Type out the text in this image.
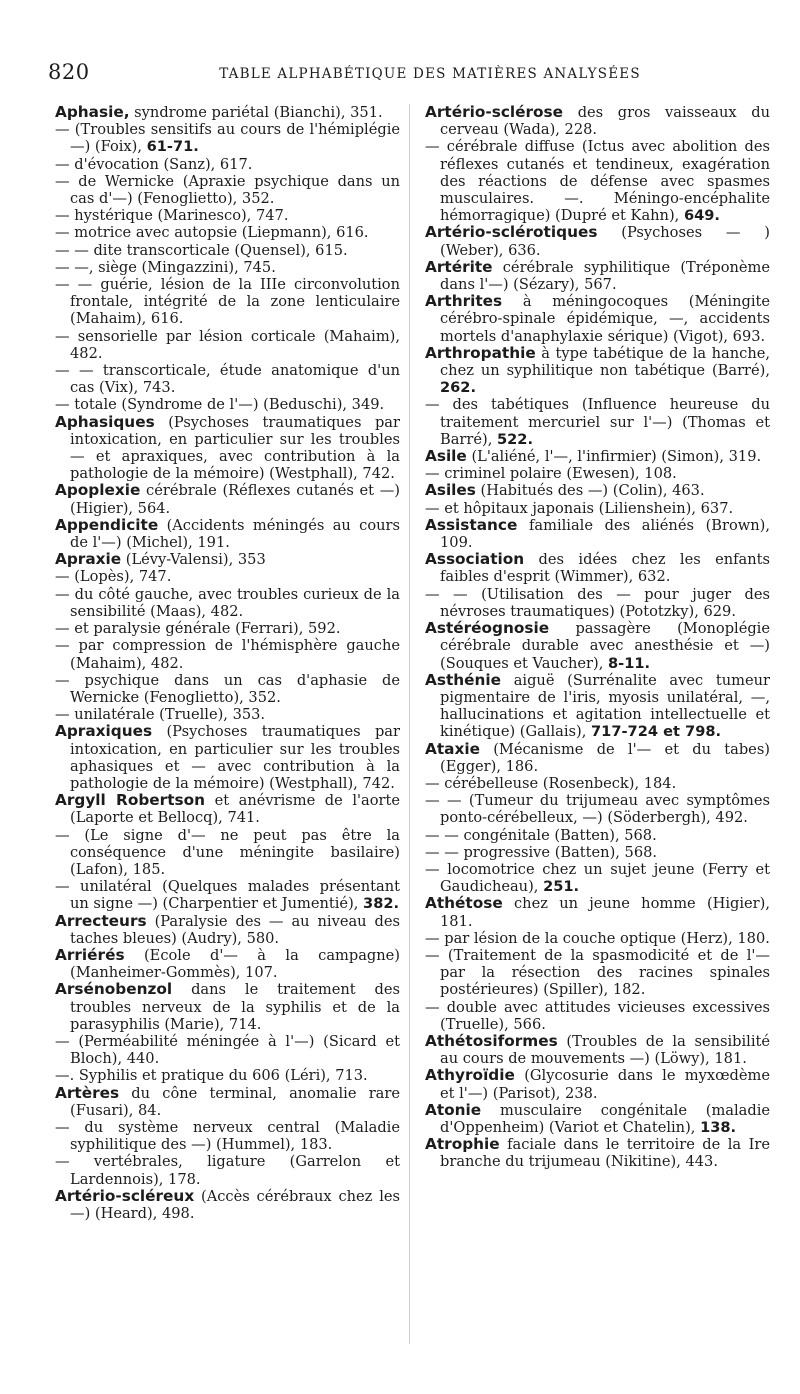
820	TABLE ALPHABÉTIQUE DES MATIÈRES ANALYSÉES

Aphasie, syndrome pariétal (Bianchi), 351.

— (Troubles sensitifs au cours de l'hémiplégie—) (Foix), 61-71.

— d'évocation (Sanz), 617.

— de Wernicke (Apraxie psychique dans un cas d'—) (Fenoglietto), 352.

— hystérique (Marinesco), 747.

— motrice avec autopsie (Liepmann), 616.

— — dite transcorticale (Quensel), 615.

— —, siège (Mingazzini), 745.

— — guérie, lésion de la IIIe circonvolution frontale, intégrité de la zone lenticulaire (Mahaim), 616.

— sensorielle par lésion corticale (Mahaim), 482.

— — transcorticale, étude anatomique d'un cas (Vix), 743.

— totale (Syndrome de l'—) (Beduschi), 349.

Aphasiques (Psychoses traumatiques par intoxication, en particulier sur les troubles — et apraxiques, avec contribution à la pathologie de la mémoire) (Westphall), 742.

Apoplexie cérébrale (Réflexes cutanés et —) (Higier), 564.

Appendicite (Accidents méningés au cours de l'—) (Michel), 191.

Apraxie (Lévy-Valensi), 353

— (Lopès), 747.

— du côté gauche, avec troubles curieux de la sensibilité (Maas), 482.

— et paralysie générale (Ferrari), 592.

— par compression de l'hémisphère gauche (Mahaim), 482.

— psychique dans un cas d'aphasie de Wernicke (Fenoglietto), 352.

— unilatérale (Truelle), 353.

Apraxiques (Psychoses traumatiques par intoxication, en particulier sur les troubles aphasiques et — avec contribution à la pathologie de la mémoire) (Westphall), 742.

Argyll Robertson et anévrisme de l'aorte (Laporte et Bellocq), 741.

— (Le signe d'— ne peut pas être la conséquence d'une méningite basilaire) (Lafon), 185.

— unilatéral (Quelques malades présentant un signe —) (Charpentier et Jumentié), 382.

Arrecteurs (Paralysie des — au niveau des taches bleues) (Audry), 580.

Arriérés (Ecole d'— à la campagne) (Manheimer-Gommès), 107.

Arsénobenzol dans le traitement des troubles nerveux de la syphilis et de la parasyphilis (Marie), 714.

— (Perméabilité méningée à l'—) (Sicard et Bloch), 440.

—. Syphilis et pratique du 606 (Léri), 713.

Artères du cône terminal, anomalie rare (Fusari), 84.

— du système nerveux central (Maladie syphilitique des —) (Hummel), 183.

— vertébrales, ligature (Garrelon et Lardennois), 178.

Artério-scléreux (Accès cérébraux chez les —) (Heard), 498.

Artério-sclérose des gros vaisseaux du cerveau (Wada), 228.

— cérébrale diffuse (Ictus avec abolition des réflexes cutanés et tendineux, exagération des réactions de défense avec spasmes musculaires. —. Méningo-encéphalite hémorragique) (Dupré et Kahn), 649.

Artério-sclérotiques (Psychoses — ) (Weber), 636.

Artérite cérébrale syphilitique (Tréponème dans l'—) (Sézary), 567.

Arthrites à méningocoques (Méningite cérébro-spinale épidémique, —, accidents mortels d'anaphylaxie sérique) (Vigot), 693.

Arthropathie à type tabétique de la hanche, chez un syphilitique non tabétique (Barré), 262.

— des tabétiques (Influence heureuse du traitement mercuriel sur l'—) (Thomas et Barré), 522.

Asile (L'aliéné, l'—, l'infirmier) (Simon), 319.

— criminel polaire (Ewesen), 108.

Asiles (Habitués des —) (Colin), 463.

— et hôpitaux japonais (Lilienshein), 637.

Assistance familiale des aliénés (Brown), 109.

Association des idées chez les enfants faibles d'esprit (Wimmer), 632.

— — (Utilisation des — pour juger des névroses traumatiques) (Pototzky), 629.

Astéréognosie passagère (Monoplégie cérébrale durable avec anesthésie et —) (Souques et Vaucher), 8-11.

Asthénie aiguë (Surrénalite avec tumeur pigmentaire de l'iris, myosis unilatéral, —, hallucinations et agitation intellectuelle et kinétique) (Gallais), 717-724 et 798.

Ataxie (Mécanisme de l'— et du tabes) (Egger), 186.

— cérébelleuse (Rosenbeck), 184.

— — (Tumeur du trijumeau avec symptômes ponto-cérébelleux, —) (Söderbergh), 492.

— — congénitale (Batten), 568.

— — progressive (Batten), 568.

— locomotrice chez un sujet jeune (Ferry et Gaudichеau), 251.

Athétose chez un jeune homme (Higier), 181.

— par lésion de la couche optique (Herz), 180.

— (Traitement de la spasmodicité et de l'— par la résection des racines spinales postérieures) (Spiller), 182.

— double avec attitudes vicieuses excessives (Truelle), 566.

Athétosiformes (Troubles de la sensibilité au cours de mouvements —) (Löwy), 181.

Athyroïdie (Glycosurie dans le myxœdème et l'—) (Parisot), 238.

Atonie musculaire congénitale (maladie d'Oppenheim) (Variot et Chatelin), 138.

Atrophie faciale dans le territoire de la Ire branche du trijumeau (Nikitine), 443.
